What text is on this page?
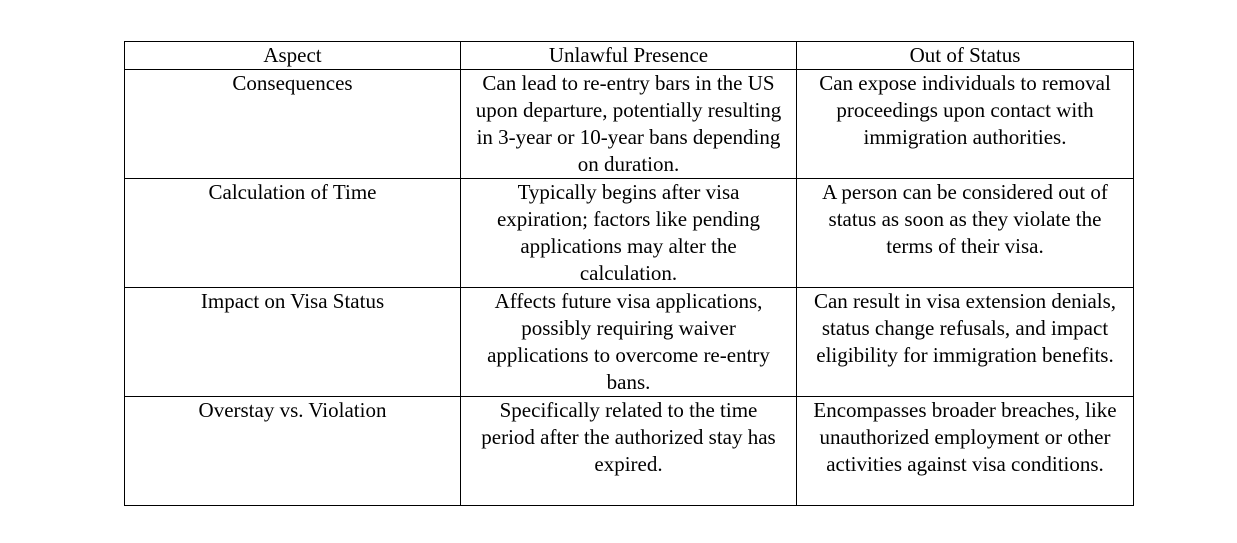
Aspect	Unlawful Presence	Out of Status
Consequences	Can lead to re-entry bars in the US upon departure, potentially resulting in 3-year or 10-year bans depending on duration.	Can expose individuals to removal proceedings upon contact with immigration authorities.
Calculation of Time	Typically begins after visa expiration; factors like pending applications may alter the calculation.	A person can be considered out of status as soon as they violate the terms of their visa.
Impact on Visa Status	Affects future visa applications, possibly requiring waiver applications to overcome re-entry bans.	Can result in visa extension denials, status change refusals, and impact eligibility for immigration benefits.
Overstay vs. Violation	Specifically related to the time period after the authorized stay has expired.	Encompasses broader breaches, like unauthorized employment or other activities against visa conditions.
